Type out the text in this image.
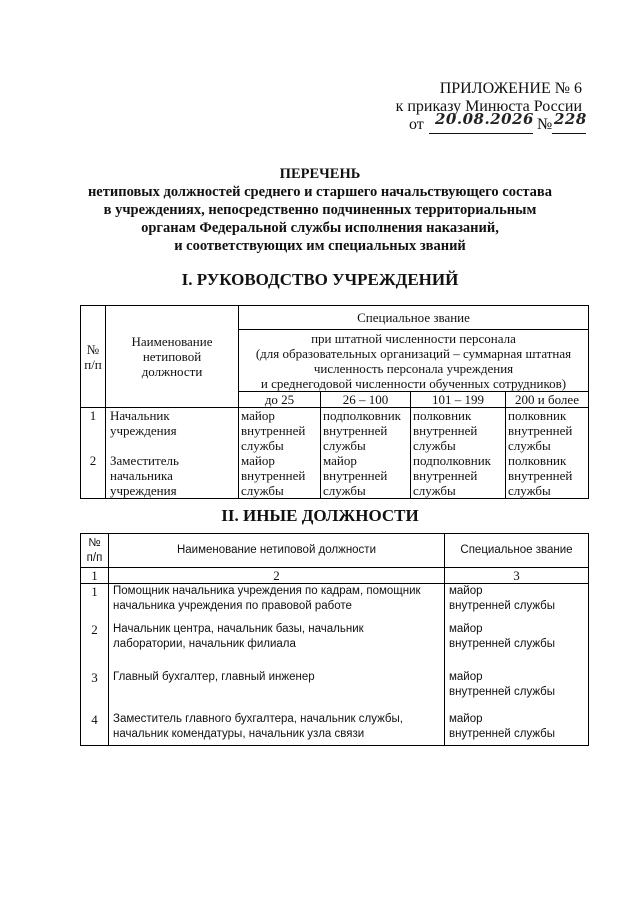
ПРИЛОЖЕНИЕ № 6
к приказу Минюста России
от 20.08.2026 № 228
ПЕРЕЧЕНЬ
нетиповых должностей среднего и старшего начальствующего состава
в учреждениях, непосредственно подчиненных территориальным
органам Федеральной службы исполнения наказаний,
и соответствующих им специальных званий
I. РУКОВОДСТВО УЧРЕЖДЕНИЙ
№
п/п	Наименование
нетиповой
должности	Специальное звание			
		при штатной численности персонала
(для образовательных организаций – суммарная штатная
численность персонала учреждения
и среднегодовой численности обученных сотрудников)			
		до 25	26 – 100	101 – 199	200 и более
1	Начальник
учреждения	майор
внутренней
службы	подполковник
внутренней
службы	полковник
внутренней
службы	полковник
внутренней
службы
2	Заместитель
начальника
учреждения	майор
внутренней
службы	майор
внутренней
службы	подполковник
внутренней
службы	полковник
внутренней
службы
II. ИНЫЕ ДОЛЖНОСТИ
№
п/п	Наименование нетиповой должности	Специальное звание
1	2	3
1	Помощник начальника учреждения по кадрам, помощник
начальника учреждения по правовой работе	майор
внутренней службы
2	Начальник центра, начальник базы, начальник
лаборатории, начальник филиала	майор
внутренней службы
3	Главный бухгалтер, главный инженер	майор
внутренней службы
4	Заместитель главного бухгалтера, начальник службы,
начальник комендатуры, начальник узла связи	майор
внутренней службы
